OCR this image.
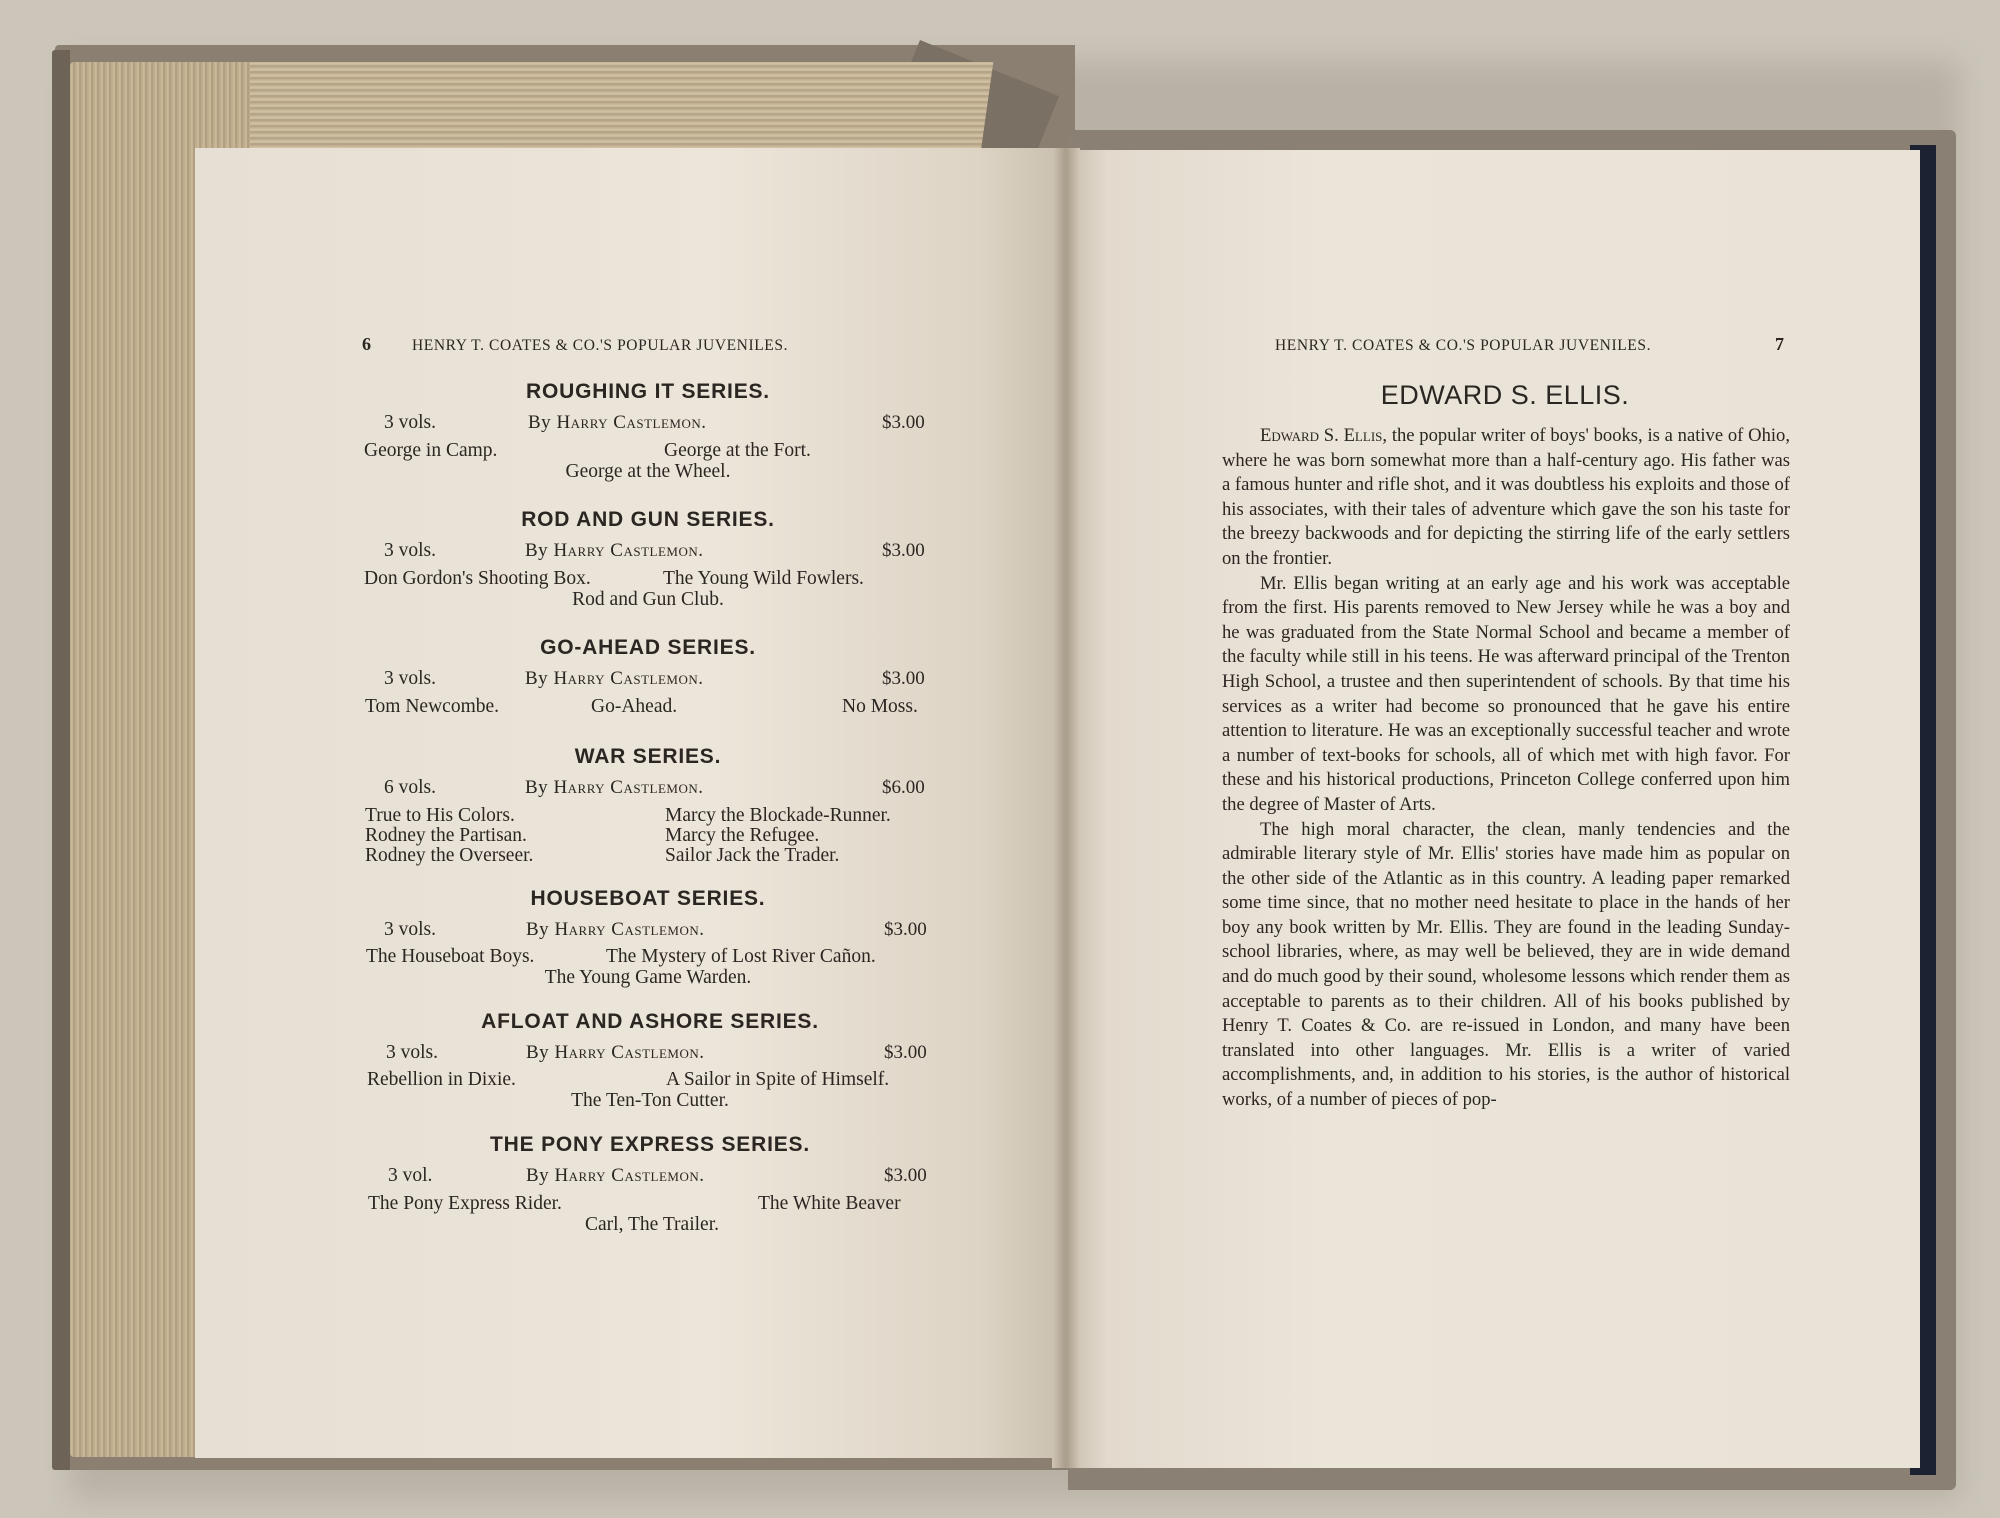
6	HENRY T. COATES & CO.'S POPULAR JUVENILES.
ROUGHING IT SERIES.
3 vols.	By Harry Castlemon.	$3.00
George in Camp.	George at the Fort.
George at the Wheel.
ROD AND GUN SERIES.
3 vols.	By Harry Castlemon.	$3.00
Don Gordon's Shooting Box.	The Young Wild Fowlers.
Rod and Gun Club.
GO-AHEAD SERIES.
3 vols.	By Harry Castlemon.	$3.00
Tom Newcombe.	Go-Ahead.	No Moss.
WAR SERIES.
6 vols.	By Harry Castlemon.	$6.00
True to His Colors.	Marcy the Blockade-Runner.
Rodney the Partisan.	Marcy the Refugee.
Rodney the Overseer.	Sailor Jack the Trader.
HOUSEBOAT SERIES.
3 vols.	By Harry Castlemon.	$3.00
The Houseboat Boys.	The Mystery of Lost River Cañon.
The Young Game Warden.
AFLOAT AND ASHORE SERIES.
3 vols.	By Harry Castlemon.	$3.00
Rebellion in Dixie.	A Sailor in Spite of Himself.
The Ten-Ton Cutter.
THE PONY EXPRESS SERIES.
3 vol.	By Harry Castlemon.	$3.00
The Pony Express Rider.	The White Beaver
Carl, The Trailer.
HENRY T. COATES & CO.'S POPULAR JUVENILES.	7
EDWARD S. ELLIS.

Edward S. Ellis, the popular writer of boys' books, is a native of Ohio, where he was born somewhat more than a half-century ago. His father was a famous hunter and rifle shot, and it was doubtless his exploits and those of his associates, with their tales of adventure which gave the son his taste for the breezy backwoods and for depicting the stirring life of the early settlers on the frontier.

Mr. Ellis began writing at an early age and his work was acceptable from the first. His parents removed to New Jersey while he was a boy and he was graduated from the State Normal School and became a member of the faculty while still in his teens. He was afterward principal of the Trenton High School, a trustee and then superintendent of schools. By that time his services as a writer had become so pronounced that he gave his entire attention to literature. He was an exceptionally successful teacher and wrote a number of text-books for schools, all of which met with high favor. For these and his historical productions, Princeton College conferred upon him the degree of Master of Arts.

The high moral character, the clean, manly tendencies and the admirable literary style of Mr. Ellis' stories have made him as popular on the other side of the Atlantic as in this country. A leading paper remarked some time since, that no mother need hesitate to place in the hands of her boy any book written by Mr. Ellis. They are found in the leading Sunday-school libraries, where, as may well be believed, they are in wide demand and do much good by their sound, wholesome lessons which render them as acceptable to parents as to their children. All of his books published by Henry T. Coates & Co. are re-issued in London, and many have been translated into other languages. Mr. Ellis is a writer of varied accomplishments, and, in addition to his stories, is the author of historical works, of a number of pieces of pop-
